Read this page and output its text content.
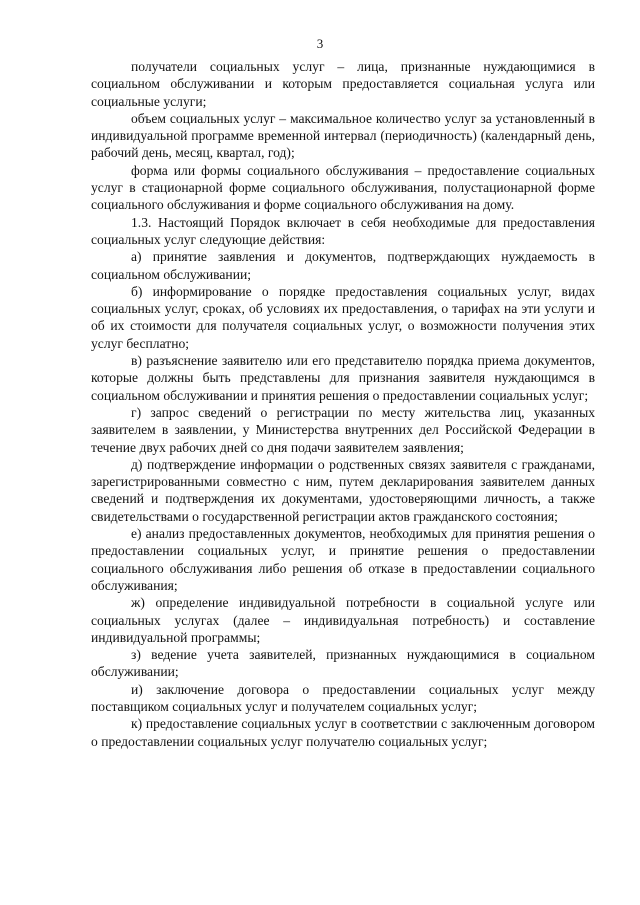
3

получатели социальных услуг – лица, признанные нуждающимися в социальном обслуживании и которым предоставляется социальная услуга или социальные услуги;

объем социальных услуг – максимальное количество услуг за установленный в индивидуальной программе временной интервал (периодичность) (календарный день, рабочий день, месяц, квартал, год);

форма или формы социального обслуживания – предоставление социальных услуг в стационарной форме социального обслуживания, полустационарной форме социального обслуживания и форме социального обслуживания на дому.

1.3. Настоящий Порядок включает в себя необходимые для предоставления социальных услуг следующие действия:

а) принятие заявления и документов, подтверждающих нуждаемость в социальном обслуживании;

б) информирование о порядке предоставления социальных услуг, видах социальных услуг, сроках, об условиях их предоставления, о тарифах на эти услуги и об их стоимости для получателя социальных услуг, о возможности получения этих услуг бесплатно;

в) разъяснение заявителю или его представителю порядка приема документов, которые должны быть представлены для признания заявителя нуждающимся в социальном обслуживании и принятия решения о предоставлении социальных услуг;

г) запрос сведений о регистрации по месту жительства лиц, указанных заявителем в заявлении, у Министерства внутренних дел Российской Федерации в течение двух рабочих дней со дня подачи заявителем заявления;

д) подтверждение информации о родственных связях заявителя с гражданами, зарегистрированными совместно с ним, путем декларирования заявителем данных сведений и подтверждения их документами, удостоверяющими личность, а также свидетельствами о государственной регистрации актов гражданского состояния;

е) анализ предоставленных документов, необходимых для принятия решения о предоставлении социальных услуг, и принятие решения о предоставлении социального обслуживания либо решения об отказе в предоставлении социального обслуживания;

ж) определение индивидуальной потребности в социальной услуге или социальных услугах (далее – индивидуальная потребность) и составление индивидуальной программы;

з) ведение учета заявителей, признанных нуждающимися в социальном обслуживании;

и) заключение договора о предоставлении социальных услуг между поставщиком социальных услуг и получателем социальных услуг;

к) предоставление социальных услуг в соответствии с заключенным договором о предоставлении социальных услуг получателю социальных услуг;
